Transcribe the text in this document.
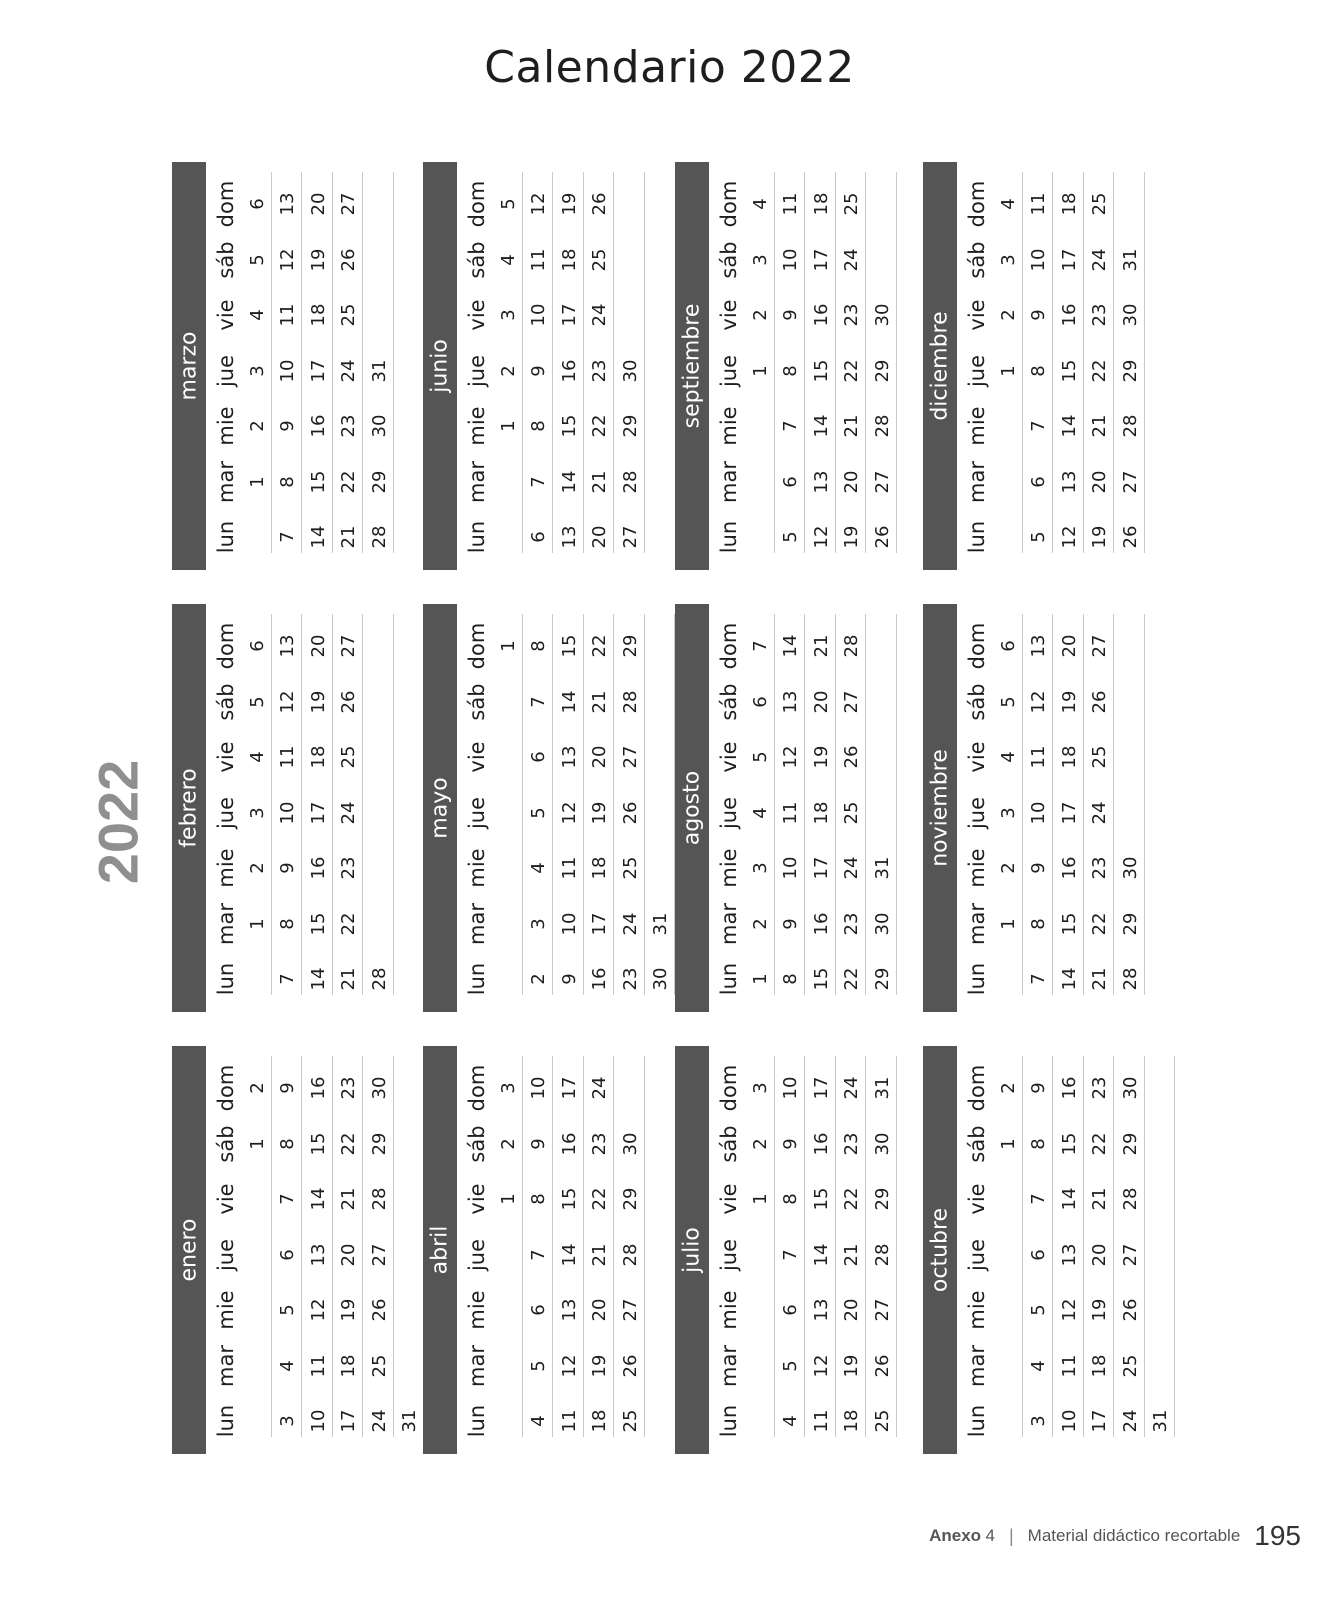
Calendario 2022
2022
enero
lun
mar
mie
jue
vie
sáb
dom
1
2
3
4
5
6
7
8
9
10
11
12
13
14
15
16
17
18
19
20
21
22
23
24
25
26
27
28
29
30
31
febrero
lun
mar
mie
jue
vie
sáb
dom
1
2
3
4
5
6
7
8
9
10
11
12
13
14
15
16
17
18
19
20
21
22
23
24
25
26
27
28
marzo
lun
mar
mie
jue
vie
sáb
dom
1
2
3
4
5
6
7
8
9
10
11
12
13
14
15
16
17
18
19
20
21
22
23
24
25
26
27
28
29
30
31
abril
lun
mar
mie
jue
vie
sáb
dom
1
2
3
4
5
6
7
8
9
10
11
12
13
14
15
16
17
18
19
20
21
22
23
24
25
26
27
28
29
30
mayo
lun
mar
mie
jue
vie
sáb
dom 1
2
3
4
5
6
7
8
9
10
11
12
13
14
15
16
17
18
19
20
21
22
23
24
25
26
27
28
29
30
31
junio
lun
mar
mie
jue
vie
sáb
dom
1
2
3
4
5
6
7
8
9
10
11
12
13
14
15
16
17
18
19
20
21
22
23
24
25
26
27
28
29
30
julio
lun
mar
mie
jue
vie
sáb
dom
1
2
3
4
5
6
7
8
9
10
11
12
13
14
15
16
17
18
19
20
21
22
23
24
25
26
27
28
29
30
31
agosto
lun
mar
mie
jue
vie
sáb
dom
1
2
3
4
5
6
7
8
9
10
11
12
13
14
15
16
17
18
19
20
21
22
23
24
25
26
27
28
29
30
31
septiembre
lun
mar
mie
jue
vie
sáb
dom
1
2
3
4
5
6
7
8
9
10
11
12
13
14
15
16
17
18
19
20
21
22
23
24
25
26
27
28
29
30
octubre
lun
mar
mie
jue
vie
sáb
dom
1
2
3
4
5
6
7
8
9
10
11
12
13
14
15
16
17
18
19
20
21
22
23
24
25
26
27
28
29
30
31
noviembre
lun
mar
mie
jue
vie
sáb
dom
1
2
3
4
5
6
7
8
9
10
11
12
13
14
15
16
17
18
19
20
21
22
23
24
25
26
27
28
29
30
diciembre
lun
mar
mie
jue
vie
sáb
dom
1
2
3
4
5
6
7
8
9
10
11
12
13
14
15
16
17
18
19
20
21
22
23
24
25
26
27
28
29
30
31
Anexo 4 | Material didáctico recortable 195
